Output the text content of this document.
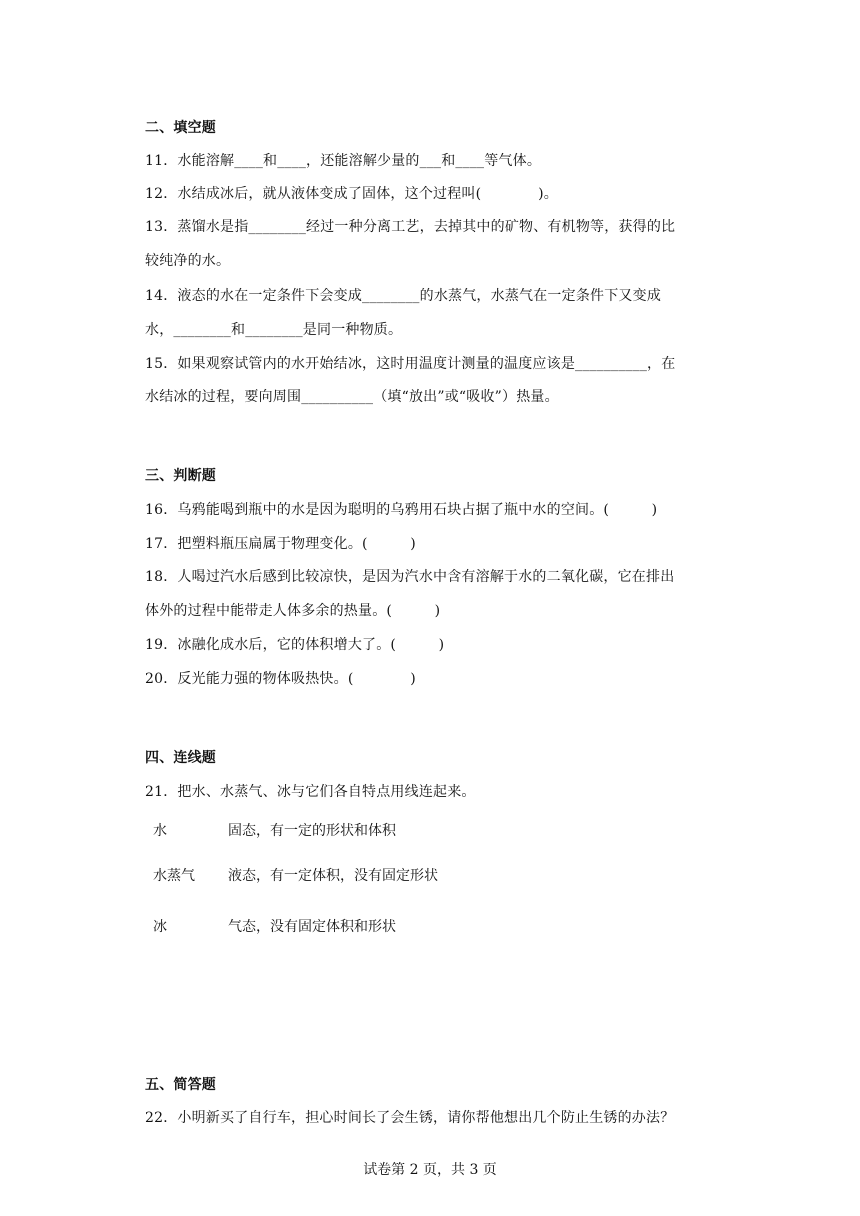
二、填空题
11．水能溶解____和____，还能溶解少量的___和____等气体。
12．水结成冰后，就从液体变成了固体，这个过程叫(　　　　)。
13．蒸馏水是指________经过一种分离工艺，去掉其中的矿物、有机物等，获得的比
较纯净的水。
14．液态的水在一定条件下会变成________的水蒸气，水蒸气在一定条件下又变成
水，________和________是同一种物质。
15．如果观察试管内的水开始结冰，这时用温度计测量的温度应该是__________，在
水结冰的过程，要向周围__________（填“放出”或“吸收”）热量。
三、判断题
16．乌鸦能喝到瓶中的水是因为聪明的乌鸦用石块占据了瓶中水的空间。(　　　)
17．把塑料瓶压扁属于物理变化。(　　　)
18．人喝过汽水后感到比较凉快，是因为汽水中含有溶解于水的二氧化碳，它在排出
体外的过程中能带走人体多余的热量。(　　　)
19．冰融化成水后，它的体积增大了。(　　　)
20．反光能力强的物体吸热快。(　　　　)
四、连线题
21．把水、水蒸气、冰与它们各自特点用线连起来。
水
水蒸气
冰
固态，有一定的形状和体积
液态，有一定体积，没有固定形状
气态，没有固定体积和形状
五、简答题
22．小明新买了自行车，担心时间长了会生锈，请你帮他想出几个防止生锈的办法？
试卷第 2 页，共 3 页
